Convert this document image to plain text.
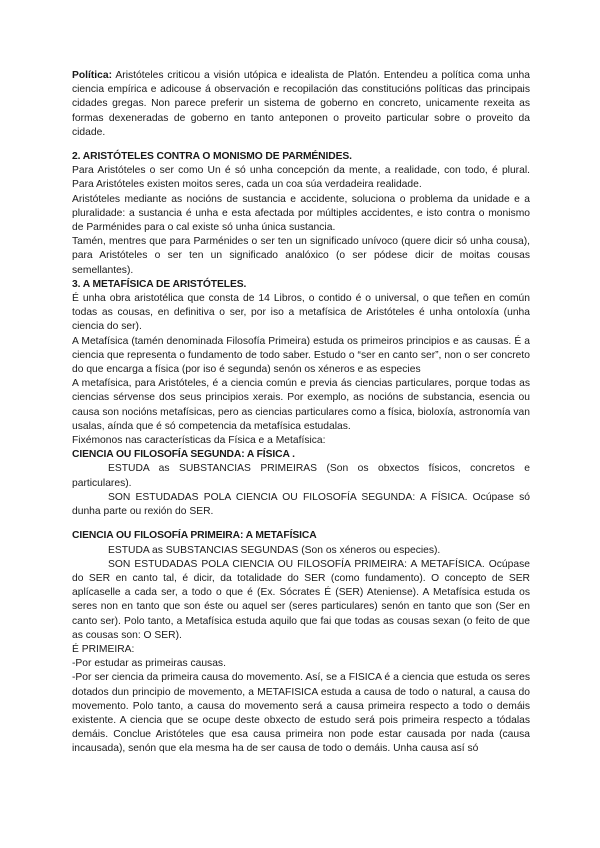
Política: Aristóteles criticou a visión utópica e idealista de Platón. Entendeu a política coma unha ciencia empírica e adicouse á observación e recopilación das constitucións políticas das principais cidades gregas. Non parece preferir un sistema de goberno en concreto, unicamente rexeita as formas dexeneradas de goberno en tanto anteponen o proveito particular sobre o proveito da cidade.

2. ARISTÓTELES CONTRA O MONISMO DE PARMÉNIDES.

Para Aristóteles o ser como Un é só unha concepción da mente, a realidade, con todo, é plural. Para Aristóteles existen moitos seres, cada un coa súa verdadeira realidade.

Aristóteles mediante as nocións de sustancia e accidente, soluciona o problema da unidade e a pluralidade: a sustancia é unha e esta afectada por múltiples accidentes, e isto contra o monismo de Parménides para o cal existe só unha única sustancia.

Tamén, mentres que para Parménides o ser ten un significado unívoco (quere dicir só unha cousa), para Aristóteles o ser ten un significado analóxico (o ser pódese dicir de moitas cousas semellantes).

3. A METAFÍSICA DE ARISTÓTELES.

É unha obra aristotélica que consta de 14 Libros, o contido é o universal, o que teñen en común todas as cousas, en definitiva o ser, por iso a metafísica de Aristóteles é unha ontoloxía (unha ciencia do ser).

A Metafísica (tamén denominada Filosofía Primeira) estuda os primeiros principios e as causas. É a ciencia que representa o fundamento de todo saber. Estudo o “ser en canto ser”, non o ser concreto do que encarga a física (por iso é segunda) senón os xéneros e as especies

A metafísica, para Aristóteles, é a ciencia común e previa ás ciencias particulares, porque todas as ciencias sérvense dos seus principios xerais. Por exemplo, as nocións de substancia, esencia ou causa son nocións metafísicas, pero as ciencias particulares como a física, bioloxía, astronomía van usalas, aínda que é só competencia da metafísica estudalas.

Fixémonos nas características da Física e a Metafísica:

CIENCIA OU FILOSOFÍA SEGUNDA: A FÍSICA .

ESTUDA as SUBSTANCIAS PRIMEIRAS (Son os obxectos físicos, concretos e particulares).

SON ESTUDADAS POLA CIENCIA OU FILOSOFÍA SEGUNDA: A FÍSICA. Ocúpase só dunha parte ou rexión do SER.

CIENCIA OU FILOSOFÍA PRIMEIRA: A METAFÍSICA

ESTUDA as SUBSTANCIAS SEGUNDAS (Son os xéneros ou especies).

SON ESTUDADAS POLA CIENCIA OU FILOSOFÍA PRIMEIRA: A METAFÍSICA. Ocúpase do SER en canto tal, é dicir, da totalidade do SER (como fundamento). O concepto de SER aplícaselle a cada ser, a todo o que é (Ex. Sócrates É (SER) Ateniense). A Metafísica estuda os seres non en tanto que son éste ou aquel ser (seres particulares) senón en tanto que son (Ser en canto ser). Polo tanto, a Metafísica estuda aquilo que fai que todas as cousas sexan (o feito de que as cousas son: O SER).

É PRIMEIRA:

-Por estudar as primeiras causas.

-Por ser ciencia da primeira causa do movemento. Así, se a FISICA é a ciencia que estuda os seres dotados dun principio de movemento, a METAFISICA estuda a causa de todo o natural, a causa do movemento. Polo tanto, a causa do movemento será a causa primeira respecto a todo o demáis existente. A ciencia que se ocupe deste obxecto de estudo será pois primeira respecto a tódalas demáis. Conclue Aristóteles que esa causa primeira non pode estar causada por nada (causa incausada), senón que ela mesma ha de ser causa de todo o demáis. Unha causa así só
